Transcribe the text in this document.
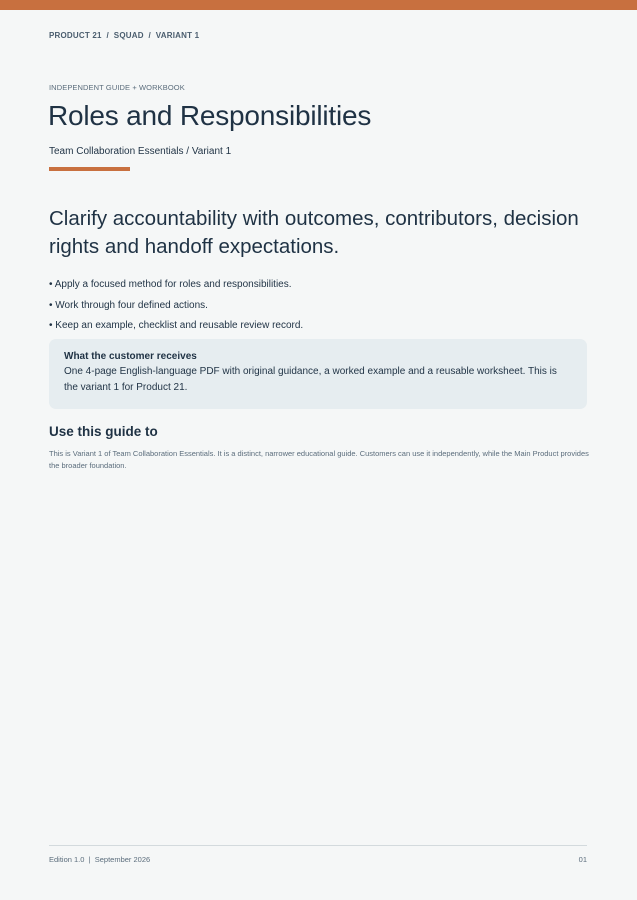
PRODUCT 21  /  SQUAD  /  VARIANT 1
INDEPENDENT GUIDE + WORKBOOK
Roles and Responsibilities
Team Collaboration Essentials / Variant 1
Clarify accountability with outcomes, contributors, decision rights and handoff expectations.
• Apply a focused method for roles and responsibilities.
• Work through four defined actions.
• Keep an example, checklist and reusable review record.
What the customer receives
One 4-page English-language PDF with original guidance, a worked example and a reusable worksheet. This is the variant 1 for Product 21.
Use this guide to

This is Variant 1 of Team Collaboration Essentials. It is a distinct, narrower educational guide. Customers can use it independently, while the Main Product provides the broader foundation.

Edition 1.0  |  September 2026	01
